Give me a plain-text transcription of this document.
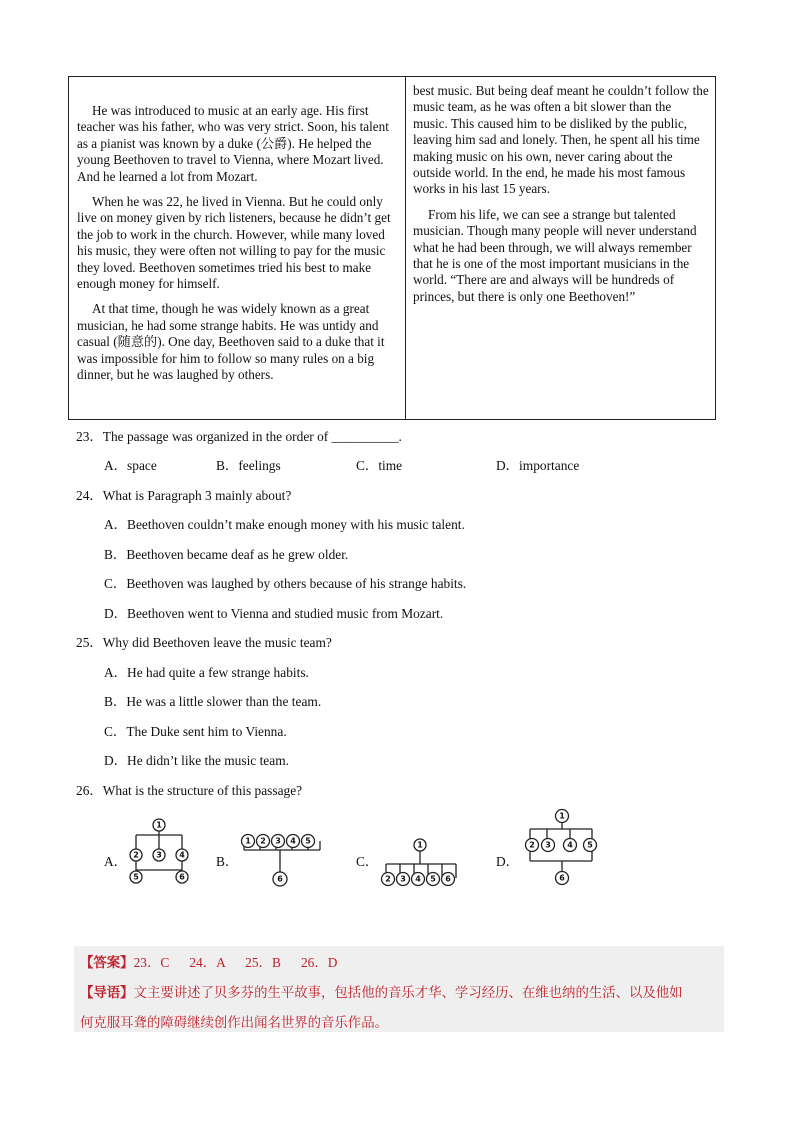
He was introduced to music at an early age. His first teacher was his father, who was very strict. Soon, his talent as a pianist was known by a duke (公爵). He helped the young Beethoven to travel to Vienna, where Mozart lived. And he learned a lot from Mozart.

When he was 22, he lived in Vienna. But he could only live on money given by rich listeners, because he didn’t get the job to work in the church. However, while many loved his music, they were often not willing to pay for the music they loved. Beethoven sometimes tried his best to make enough money for himself.

At that time, though he was widely known as a great musician, he had some strange habits. He was untidy and casual (随意的). One day, Beethoven said to a duke that it was impossible for him to follow so many rules on a big dinner, but he was laughed by others.

best music. But being deaf meant he couldn’t follow the music team, as he was often a bit slower than the music. This caused him to be disliked by the public, leaving him sad and lonely. Then, he spent all his time making music on his own, never caring about the outside world. In the end, he made his most famous works in his last 15 years.

From his life, we can see a strange but talented musician. Though many people will never understand what he had been through, we will always remember that he is one of the most important musicians in the world. “There are and always will be hundreds of princes, but there is only one Beethoven!”

23．The passage was organized in the order of __________.
A．space	B．feelings	C．time	D．importance
24．What is Paragraph 3 mainly about?
A．Beethoven couldn’t make enough money with his music talent.
B．Beethoven became deaf as he grew older.
C．Beethoven was laughed by others because of his strange habits.
D．Beethoven went to Vienna and studied music from Mozart.
25．Why did Beethoven leave the music team?
A．He had quite a few strange habits.
B．He was a little slower than the team.
C．The Duke sent him to Vienna.
D．He didn’t like the music team.
26．What is the structure of this passage?
A．	B．	C．	D．
1
2 3 4
5	6
1 2 3 4 5
6
1
2 3 4 5 6
1
2 3 4 5
6
【答案】23．C      24．A      25．B      26．D
【导语】文主要讲述了贝多芬的生平故事，包括他的音乐才华、学习经历、在维也纳的生活、以及他如
何克服耳聋的障碍继续创作出闻名世界的音乐作品。
